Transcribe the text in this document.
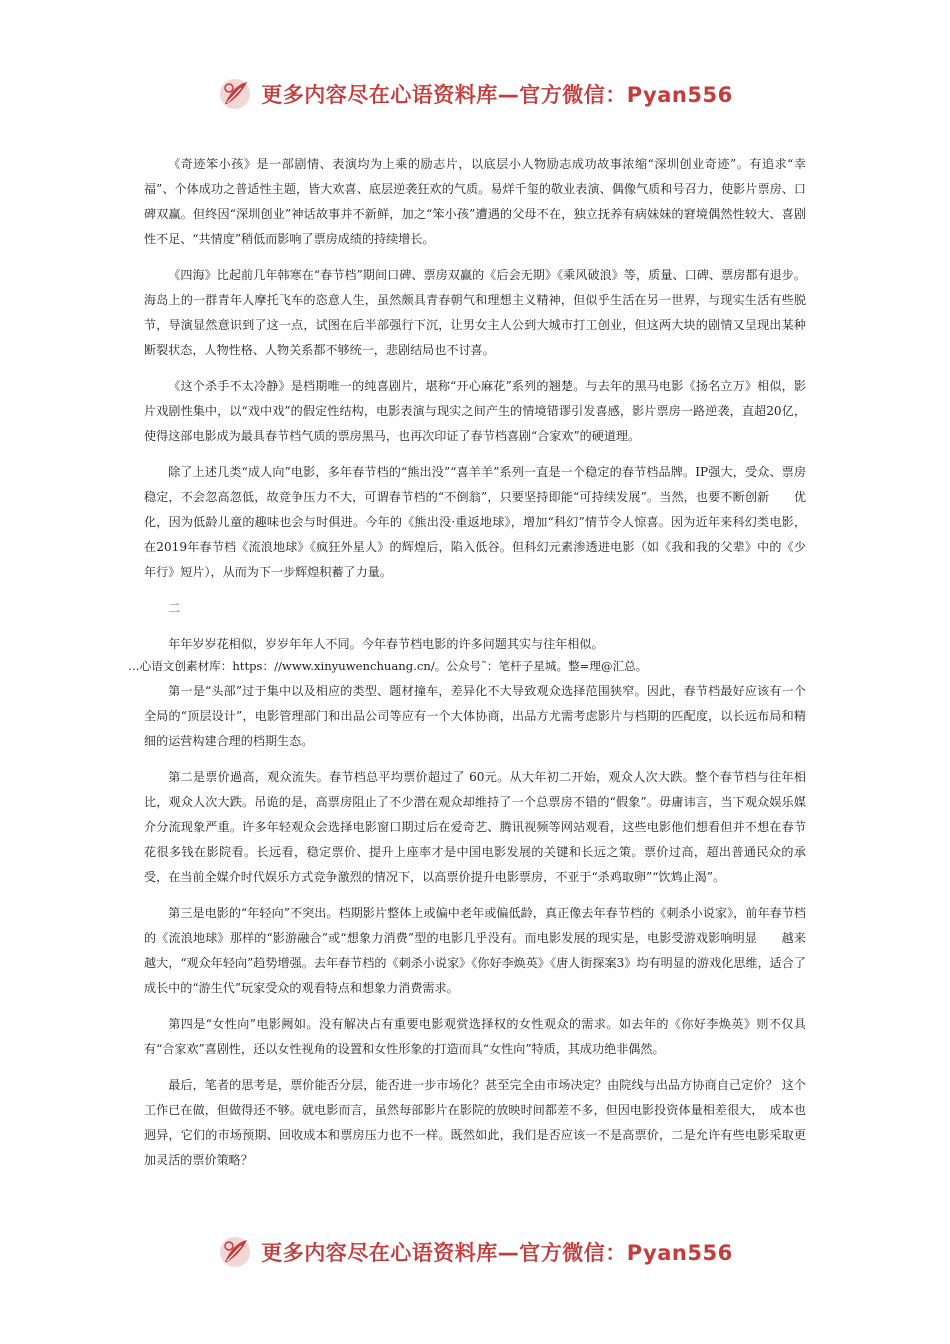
更多内容尽在心语资料库—官方微信：Pyan556

《奇迹笨小孩》是一部剧情、表演均为上乘的励志片，以底层小人物励志成功故事浓缩“深圳创业奇迹”。有追求“幸福”、个体成功之普适性主题，皆大欢喜、底层逆袭狂欢的气质。易烊千玺的敬业表演、偶像气质和号召力，使影片票房、口碑双赢。但终因“深圳创业”神话故事并不新鲜，加之“笨小孩”遭遇的父母不在，独立抚养有病妹妹的窘境偶然性较大、喜剧性不足、“共情度”稍低而影响了票房成绩的持续增长。

《四海》比起前几年韩寒在“春节档”期间口碑、票房双赢的《后会无期》《乘风破浪》等，质量、口碑、票房都有退步。海岛上的一群青年人摩托飞车的恣意人生，虽然颇具青春朝气和理想主义精神，但似乎生活在另一世界，与现实生活有些脱节，导演显然意识到了这一点，试图在后半部强行下沉，让男女主人公到大城市打工创业，但这两大块的剧情又呈现出某种断裂状态，人物性格、人物关系都不够统一，悲剧结局也不讨喜。

《这个杀手不太冷静》是档期唯一的纯喜剧片，堪称“开心麻花”系列的翘楚。与去年的黑马电影《扬名立万》相似，影片戏剧性集中，以“戏中戏”的假定性结构，电影表演与现实之间产生的情境错谬引发喜感，影片票房一路逆袭，直超20亿，使得这部电影成为最具春节档气质的票房黑马，也再次印证了春节档喜剧“合家欢”的硬道理。

除了上述几类“成人向”电影，多年春节档的“熊出没”“喜羊羊”系列一直是一个稳定的春节档品牌。IP强大，受众、票房稳定，不会忽高忽低，故竞争压力不大，可谓春节档的“不倒翁”，只要坚持即能“可持续发展”。当然，也要不断创新　　优化，因为低龄儿童的趣味也会与时俱进。今年的《熊出没·重返地球》，增加“科幻”情节令人惊喜。因为近年来科幻类电影，在2019年春节档《流浪地球》《疯狂外星人》的辉煌后，陷入低谷。但科幻元素渗透进电影（如《我和我的父辈》中的《少年行》短片），从而为下一步辉煌积蓄了力量。

二

年年岁岁花相似，岁岁年年人不同。今年春节档电影的许多问题其实与往年相似。

…心语文创素材库：https：//www.xinyuwenchuang.cn/。公众号˜：笔杆子星城。整=理@汇总。

第一是“头部”过于集中以及相应的类型、题材撞车，差异化不大导致观众选择范围狭窄。因此，春节档最好应该有一个全局的“顶层设计”，电影管理部门和出品公司等应有一个大体协商，出品方尤需考虑影片与档期的匹配度，以长远布局和精细的运营构建合理的档期生态。

第二是票价過高，观众流失。春节档总平均票价超过了 60元。从大年初二开始，观众人次大跌。整个春节档与往年相比，观众人次大跌。吊诡的是，高票房阻止了不少潜在观众却维持了一个总票房不错的“假象”。毋庸讳言，当下观众娱乐媒介分流现象严重。许多年轻观众会选择电影窗口期过后在爱奇艺、腾讯视频等网站观看，这些电影他们想看但并不想在春节花很多钱在影院看。长远看，稳定票价、提升上座率才是中国电影发展的关键和长远之策。票价过高，超出普通民众的承受，在当前全媒介时代娱乐方式竞争激烈的情况下，以高票价提升电影票房，不亚于“杀鸡取卵”“饮鸩止渴”。

第三是电影的“年轻向”不突出。档期影片整体上或偏中老年或偏低龄，真正像去年春节档的《刺杀小说家》，前年春节档的《流浪地球》那样的“影游融合”或“想象力消费”型的电影几乎没有。而电影发展的现实是，电影受游戏影响明显　　越来越大，“观众年轻向”趋势增强。去年春节档的《刺杀小说家》《你好李焕英》《唐人街探案3》均有明显的游戏化思维，适合了成长中的“游生代”玩家受众的观看特点和想象力消费需求。

第四是“女性向”电影阙如。没有解决占有重要电影观赏选择权的女性观众的需求。如去年的《你好李焕英》则不仅具有“合家欢”喜剧性，还以女性视角的设置和女性形象的打造而具“女性向”特质，其成功绝非偶然。

最后，笔者的思考是，票价能否分层，能否进一步市场化？甚至完全由市场决定？由院线与出品方协商自己定价？ 这个工作已在做，但做得还不够。就电影而言，虽然每部影片在影院的放映时间都差不多，但因电影投资体量相差很大，　成本也迥异，它们的市场预期、回收成本和票房压力也不一样。既然如此，我们是否应该一不是高票价，二是允许有些电影采取更加灵活的票价策略？

更多内容尽在心语资料库—官方微信：Pyan556
